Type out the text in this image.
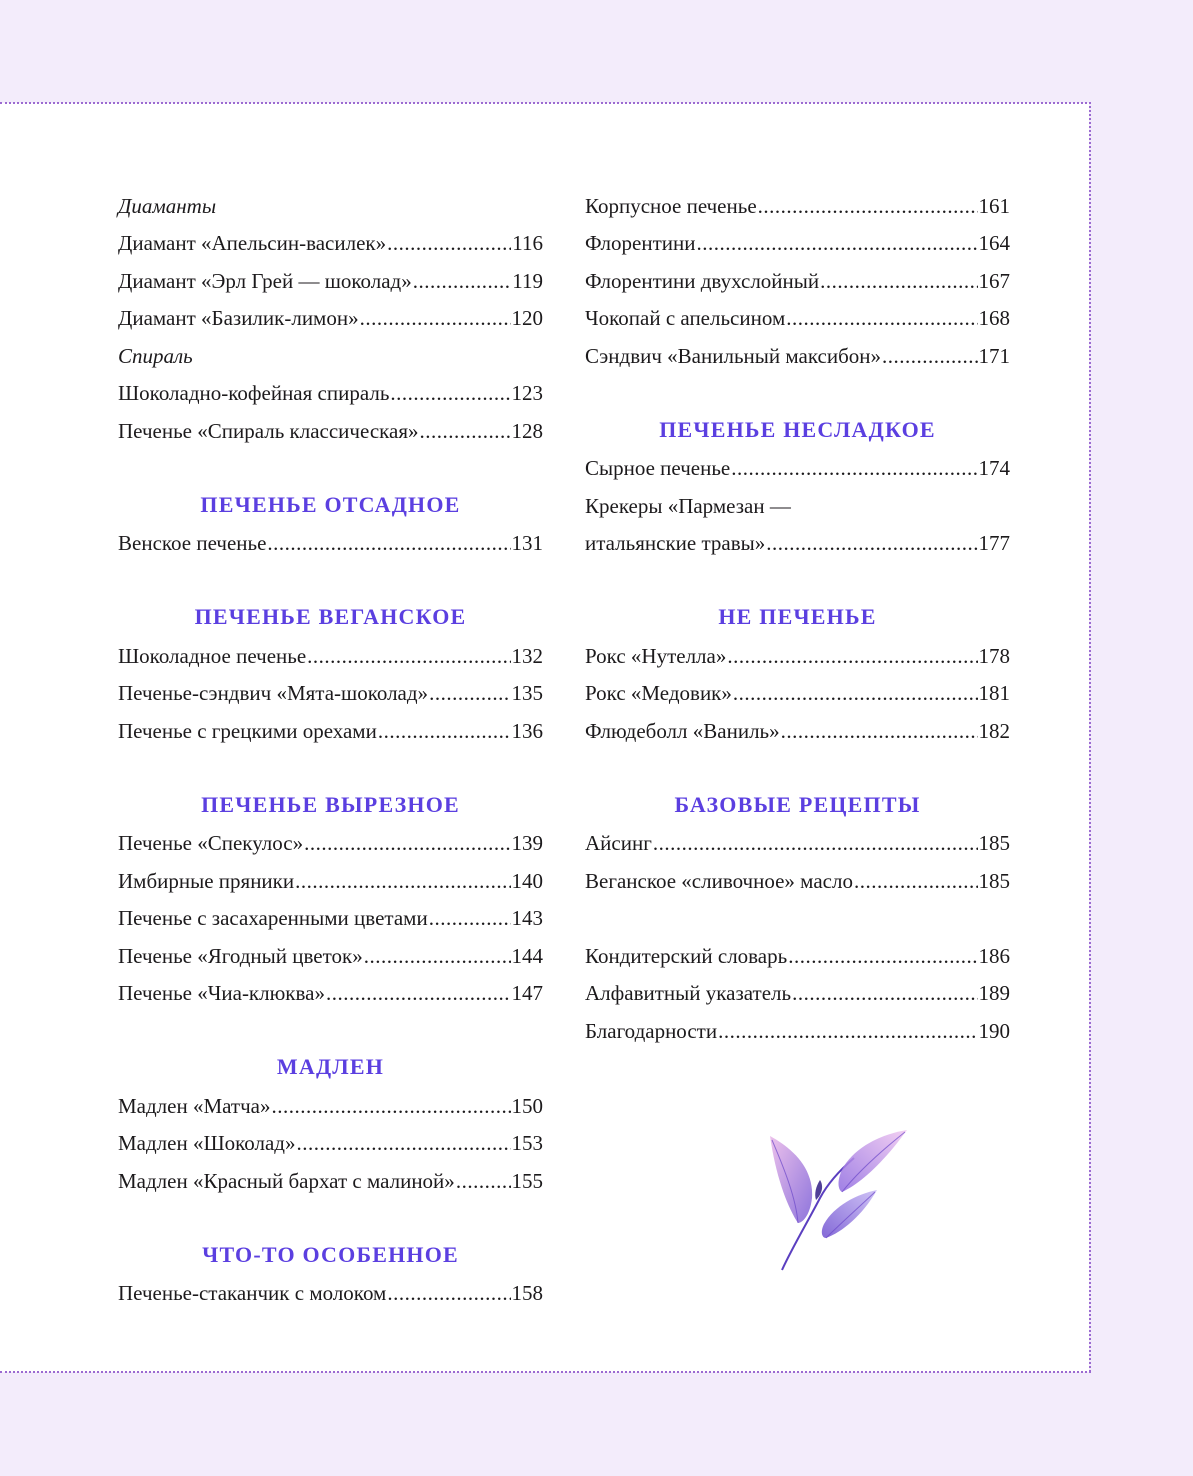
Диаманты
Диамант «Апельсин-василек» .....	116
Диамант «Эрл Грей — шоколад» .....	119
Диамант «Базилик-лимон» .....	120
Спираль
Шоколадно-кофейная спираль .....	123
Печенье «Спираль классическая» .....	128
ПЕЧЕНЬЕ ОТСАДНОЕ
Венское печенье .....	131
ПЕЧЕНЬЕ ВЕГАНСКОЕ
Шоколадное печенье .....	132
Печенье-сэндвич «Мята-шоколад» .....	135
Печенье с грецкими орехами .....	136
ПЕЧЕНЬЕ ВЫРЕЗНОЕ
Печенье «Спекулос» .....	139
Имбирные пряники .....	140
Печенье с засахаренными цветами .....	143
Печенье «Ягодный цветок» .....	144
Печенье «Чиа-клюква» .....	147
МАДЛЕН
Мадлен «Матча» .....	150
Мадлен «Шоколад» .....	153
Мадлен «Красный бархат с малиной» .....	155
ЧТО-ТО ОСОБЕННОЕ
Печенье-стаканчик с молоком .....	158
Корпусное печенье .....	161
Флорентини .....	164
Флорентини двухслойный .....	167
Чокопай с апельсином .....	168
Сэндвич «Ванильный максибон» .....	171
ПЕЧЕНЬЕ НЕСЛАДКОЕ
Сырное печенье .....	174
Крекеры «Пармезан —
итальянские травы» .....	177
НЕ ПЕЧЕНЬЕ
Рокс «Нутелла» .....	178
Рокс «Медовик» .....	181
Флюдеболл «Ваниль» .....	182
БАЗОВЫЕ РЕЦЕПТЫ
Айсинг .....	185
Веганское «сливочное» масло .....	185
Кондитерский словарь .....	186
Алфавитный указатель .....	189
Благодарности .....	190
